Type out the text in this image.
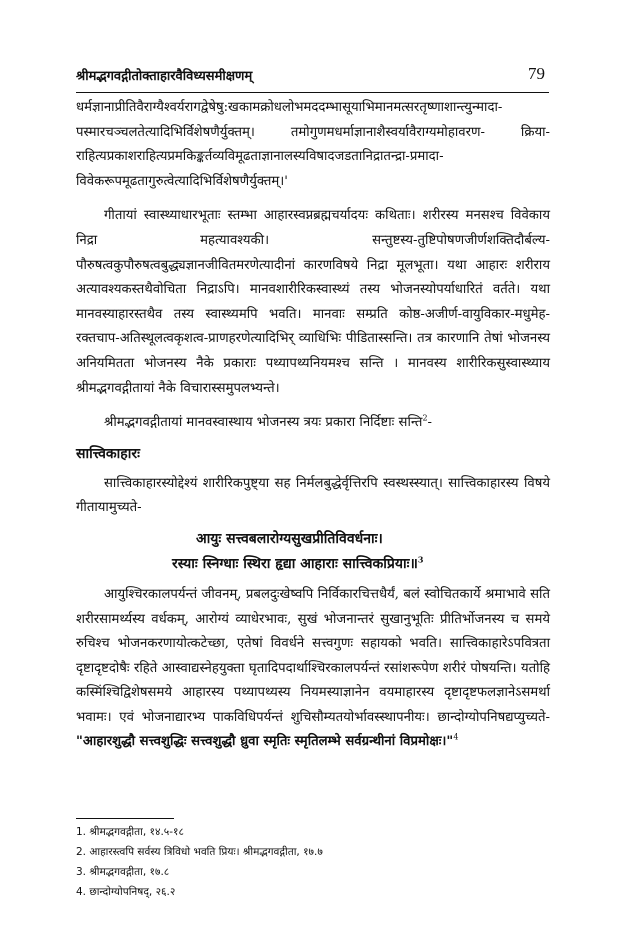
श्रीमद्भगवद्गीतोक्ताहारवैविध्यसमीक्षणम्	79

धर्मज्ञानाप्रीतिवैराग्यैश्वर्यरागद्वेषेषु:खकामक्रोधलोभमददम्भासूयाभिमानमत्सरतृष्णाशान्त्युन्मादा-पस्मारचञ्चलतेत्यादिभिर्विशेषणैर्युक्तम्। तमोगुणमधर्माज्ञानाशैस्वर्यावैराग्यमोहावरण- क्रिया-राहित्यप्रकाशराहित्यप्रमकिङ्कर्तव्यविमूढताज्ञानालस्यविषादजडतानिद्रातन्द्रा-प्रमादा-विवेकरूपमूढतागुरुत्वेत्यादिभिर्विशेषणैर्युक्तम्।'

गीतायां स्वास्थ्याधारभूताः स्तम्भा आहारस्वप्नब्रह्मचर्यादयः कथिताः। शरीरस्य मनसश्च विवेकाय निद्रा महत्यावश्यकी। सन्तुष्टस्य-तुष्टिपोषणजीर्णशक्तिदौर्बल्य-पौरुषत्वकुपौरुषत्वबुद्ध्यज्ञानजीवितमरणेत्यादीनां कारणविषये निद्रा मूलभूता। यथा आहारः शरीराय अत्यावश्यकस्तथैवोचिता निद्राऽपि। मानवशारीरिकस्वास्थ्यं तस्य भोजनस्योपर्याधारितं वर्तते। यथा मानवस्याहारस्तथैव तस्य स्वास्थ्यमपि भवति। मानवाः सम्प्रति कोष्ठ-अजीर्ण-वायुविकार-मधुमेह-रक्तचाप-अतिस्थूलत्वकृशत्व-प्राणहरणेत्यादिभिर् व्याधिभिः पीडितास्सन्ति। तत्र कारणानि तेषां भोजनस्य अनियमितता भोजनस्य नैके प्रकाराः पथ्यापथ्यनियमश्च सन्ति । मानवस्य शारीरिकसुस्वास्थ्याय श्रीमद्भगवद्गीतायां नैके विचारास्समुपलभ्यन्ते।

श्रीमद्भगवद्गीतायां मानवस्वास्थाय भोजनस्य त्रयः प्रकारा निर्दिष्टाः सन्ति$^2$-

सात्त्विकाहारः

सात्त्विकाहारस्योद्देश्यं शारीरिकपुष्ट्या सह निर्मलबुद्धेर्वृत्तिरपि स्वस्थस्स्यात्। सात्त्विकाहारस्य विषये गीतायामुच्यते-

आयुः सत्त्वबलारोग्यसुखप्रीतिविवर्धनाः।
रस्याः स्निग्धाः स्थिरा हृद्या आहाराः सात्त्विकप्रियाः॥$^3$

आयुश्चिरकालपर्यन्तं जीवनम्, प्रबलदुःखेष्वपि निर्विकारचित्तधैर्यं, बलं स्वोचितकार्ये श्रमाभावे सति शरीरसामर्थ्यस्य वर्धकम्, आरोग्यं व्याधेरभावः, सुखं भोजनान्तरं सुखानुभूतिः प्रीतिर्भोजनस्य च समये रुचिश्च भोजनकरणायोत्कटेच्छा, एतेषां विवर्धने सत्त्वगुणः सहायको भवति। सात्त्विकाहारेऽपवित्रता दृष्टादृष्टदोषैः रहिते आस्वाद्यस्नेहयुक्ता घृतादिपदार्थाश्चिरकालपर्यन्तं रसांशरूपेण शरीरं पोषयन्ति। यतोहि कस्मिंश्चिद्विशेषसमये आहारस्य पथ्यापथ्यस्य नियमस्याज्ञानेन वयमाहारस्य दृष्टादृष्टफलज्ञानेऽसमर्था भवामः। एवं भोजनाद्यारभ्य पाकविधिपर्यन्तं शुचिसौम्यतयोर्भावस्स्थापनीयः। छान्दोग्योपनिषद्यप्युच्यते- "आहारशुद्धौ सत्त्वशुद्धिः सत्त्वशुद्धौ ध्रुवा स्मृतिः स्मृतिलम्भे सर्वग्रन्थीनां विप्रमोक्षः।"$^4$

1. श्रीमद्भगवद्गीता, १४.५-१८
2. आहारस्त्वपि सर्वस्य त्रिविधो भवति प्रियः। श्रीमद्भगवद्गीता, १७.७
3. श्रीमद्भगवद्गीता, १७.८
4. छान्दोग्योपनिषद्, २६.२
